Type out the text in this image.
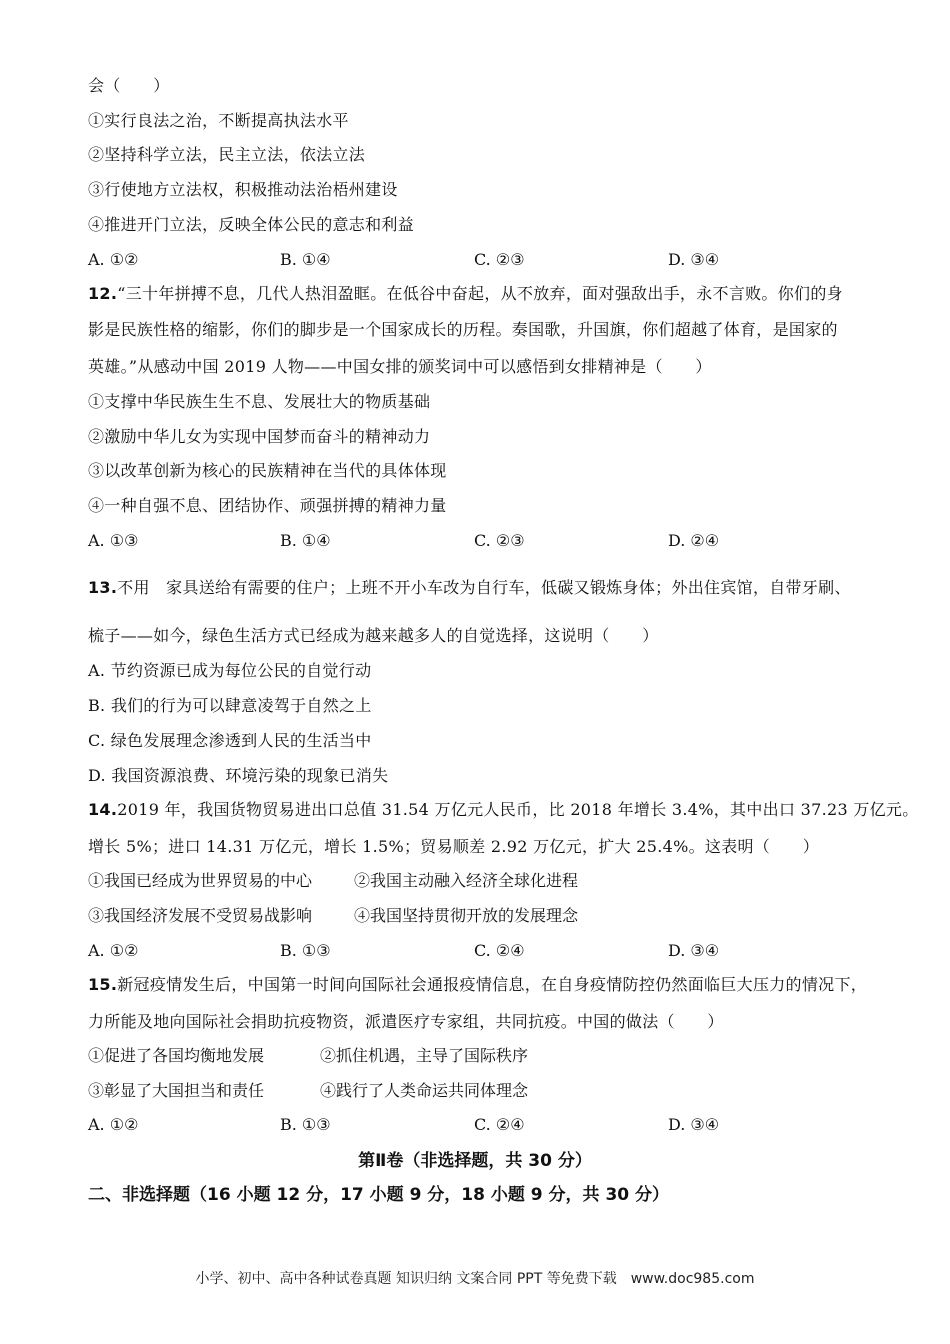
会（　　）
①实行良法之治，不断提高执法水平
②坚持科学立法，民主立法，依法立法
③行使地方立法权，积极推动法治梧州建设
④推进开门立法，反映全体公民的意志和利益
A. ①②	B. ①④	C. ②③	D. ③④
12.“三十年拼搏不息，几代人热泪盈眶。在低谷中奋起，从不放弃，面对强敌出手，永不言败。你们的身
影是民族性格的缩影，你们的脚步是一个国家成长的历程。奏国歌，升国旗，你们超越了体育，是国家的
英雄。”从感动中国 2019 人物——中国女排的颁奖词中可以感悟到女排精神是（　　）
①支撑中华民族生生不息、发展壮大的物质基础
②激励中华儿女为实现中国梦而奋斗的精神动力
③以改革创新为核心的民族精神在当代的具体体现
④一种自强不息、团结协作、顽强拼搏的精神力量
A. ①③	B. ①④	C. ②③	D. ②④
13.不用　家具送给有需要的住户；上班不开小车改为自行车，低碳又锻炼身体；外出住宾馆，自带牙刷、
梳子——如今，绿色生活方式已经成为越来越多人的自觉选择，这说明（　　）
A. 节约资源已成为每位公民的自觉行动
B. 我们的行为可以肆意凌驾于自然之上
C. 绿色发展理念渗透到人民的生活当中
D. 我国资源浪费、环境污染的现象已消失
14.2019 年，我国货物贸易进出口总值 31.54 万亿元人民币，比 2018 年增长 3.4%，其中出口 37.23 万亿元。
增长 5%；进口 14.31 万亿元，增长 1.5%；贸易顺差 2.92 万亿元，扩大 25.4%。这表明（　　）
①我国已经成为世界贸易的中心	②我国主动融入经济全球化进程
③我国经济发展不受贸易战影响	④我国坚持贯彻开放的发展理念
A. ①②	B. ①③	C. ②④	D. ③④
15.新冠疫情发生后，中国第一时间向国际社会通报疫情信息，在自身疫情防控仍然面临巨大压力的情况下，
力所能及地向国际社会捐助抗疫物资，派遣医疗专家组，共同抗疫。中国的做法（　　）
①促进了各国均衡地发展	②抓住机遇，主导了国际秩序
③彰显了大国担当和责任	④践行了人类命运共同体理念
A. ①②	B. ①③	C. ②④	D. ③④
第Ⅱ卷（非选择题，共 30 分）
二、非选择题（16 小题 12 分，17 小题 9 分，18 小题 9 分，共 30 分）
小学、初中、高中各种试卷真题 知识归纳 文案合同 PPT 等免费下载　www.doc985.com
